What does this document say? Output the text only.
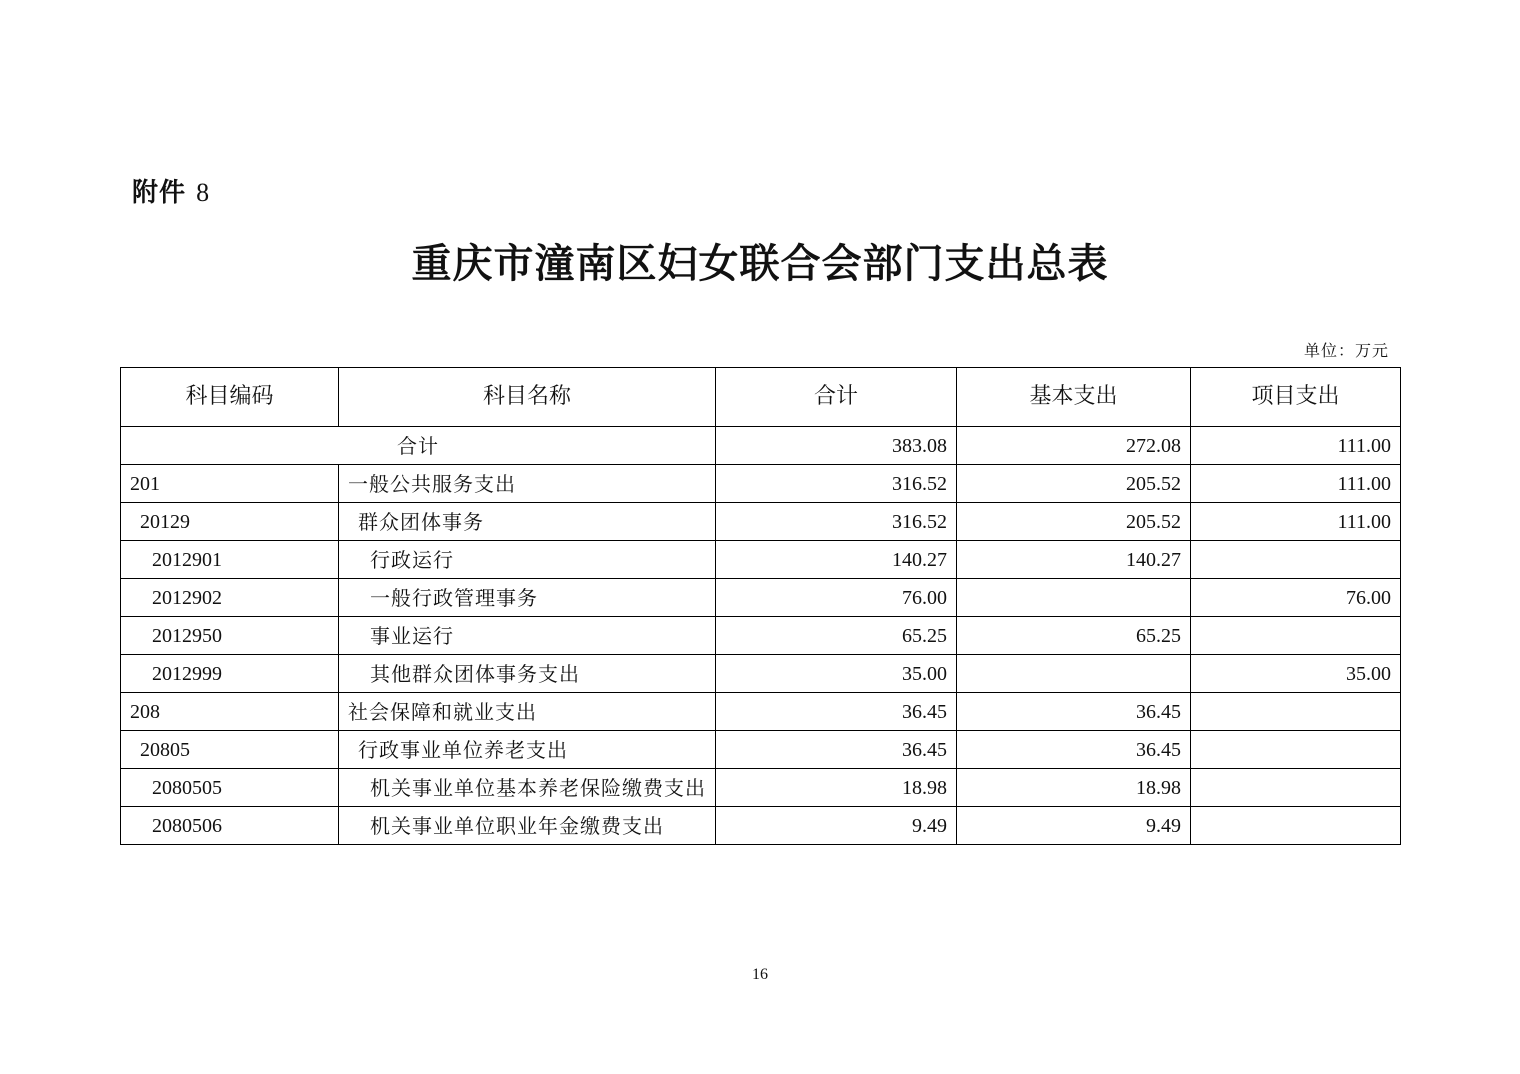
附件 8
重庆市潼南区妇女联合会部门支出总表
单位：万元
科目编码	科目名称	合计	基本支出	项目支出
合计		383.08	272.08	111.00
201	一般公共服务支出	316.52	205.52	111.00
20129	群众团体事务	316.52	205.52	111.00
2012901	行政运行	140.27	140.27	
2012902	一般行政管理事务	76.00		76.00
2012950	事业运行	65.25	65.25	
2012999	其他群众团体事务支出	35.00		35.00
208	社会保障和就业支出	36.45	36.45	
20805	行政事业单位养老支出	36.45	36.45	
2080505	机关事业单位基本养老保险缴费支出	18.98	18.98	
2080506	机关事业单位职业年金缴费支出	9.49	9.49	
16
